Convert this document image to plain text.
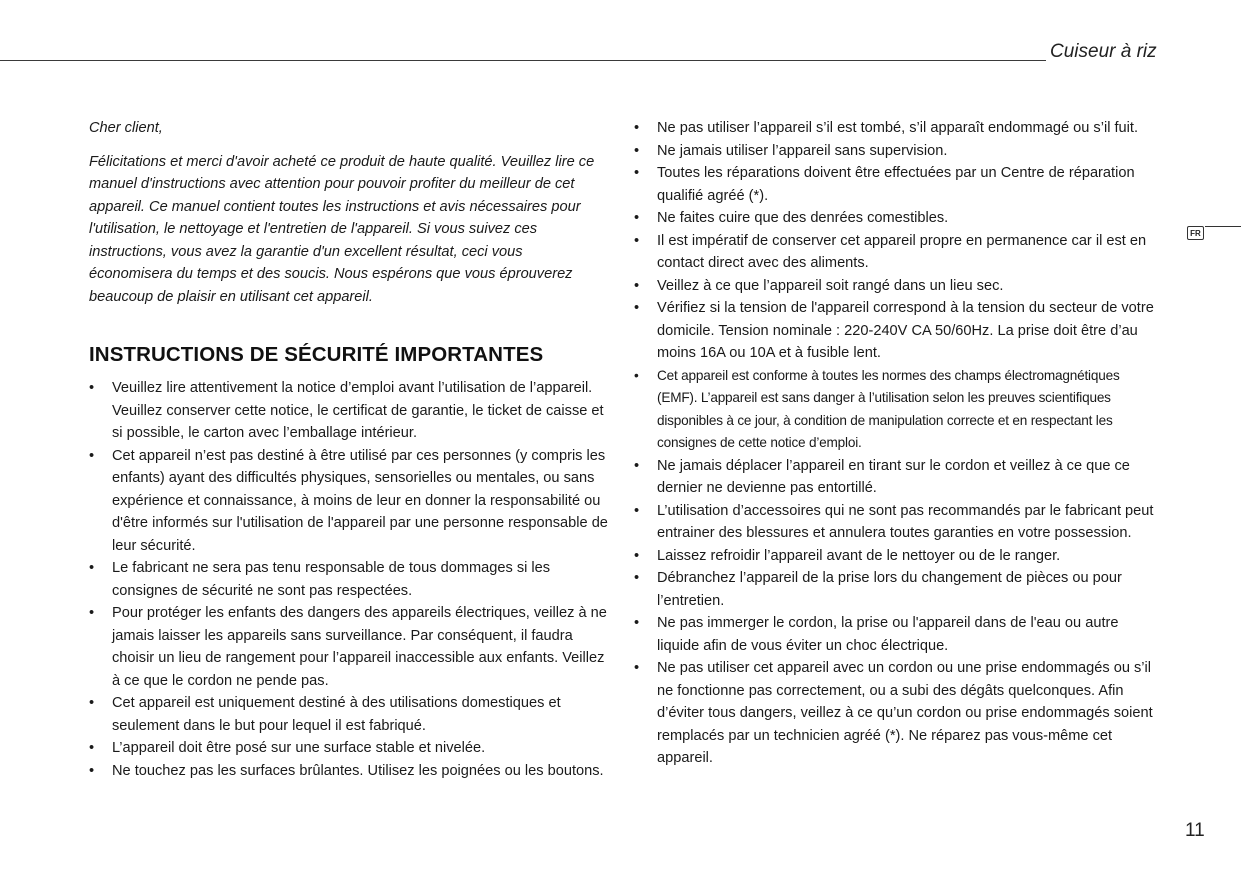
Cuiseur à riz
FR

Cher client,

Félicitations et merci d'avoir acheté ce produit de haute qualité. Veuillez lire ce manuel d'instructions avec attention pour pouvoir profiter du meilleur de cet appareil. Ce manuel contient toutes les instructions et avis nécessaires pour l'utilisation, le nettoyage et l'entretien de l'appareil. Si vous suivez ces instructions, vous avez la garantie d'un excellent résultat, ceci vous économisera du temps et des soucis. Nous espérons que vous éprouverez beaucoup de plaisir en utilisant cet appareil.

INSTRUCTIONS DE SÉCURITÉ IMPORTANTES
• Veuillez lire attentivement la notice d’emploi avant l’utilisation de l’appareil. Veuillez conserver cette notice, le certificat de garantie, le ticket de caisse et si possible, le carton avec l’emballage intérieur.
• Cet appareil n’est pas destiné à être utilisé par ces personnes (y compris les enfants) ayant des difficultés physiques, sensorielles ou mentales, ou sans expérience et connaissance, à moins de leur en donner la responsabilité ou d'être informés sur l'utilisation de l'appareil par une personne responsable de leur sécurité.
• Le fabricant ne sera pas tenu responsable de tous dommages si les consignes de sécurité ne sont pas respectées.
• Pour protéger les enfants des dangers des appareils électriques, veillez à ne jamais laisser les appareils sans surveillance. Par conséquent, il faudra choisir un lieu de rangement pour l’appareil inaccessible aux enfants. Veillez à ce que le cordon ne pende pas.
• Cet appareil est uniquement destiné à des utilisations domestiques et seulement dans le but pour lequel il est fabriqué.
• L’appareil doit être posé sur une surface stable et nivelée.
• Ne touchez pas les surfaces brûlantes. Utilisez les poignées ou les boutons.
• Ne pas utiliser l’appareil s’il est tombé, s’il apparaît endommagé ou s’il fuit.
• Ne jamais utiliser l’appareil sans supervision.
• Toutes les réparations doivent être effectuées par un Centre de réparation qualifié agréé (*).
• Ne faites cuire que des denrées comestibles.
• Il est impératif de conserver cet appareil propre en permanence car il est en contact direct avec des aliments.
• Veillez à ce que l’appareil soit rangé dans un lieu sec.
• Vérifiez si la tension de l'appareil correspond à la tension du secteur de votre domicile. Tension nominale : 220-240V CA 50/60Hz. La prise doit être d’au moins 16A ou 10A et à fusible lent.
• Cet appareil est conforme à toutes les normes des champs électromagnétiques (EMF). L’appareil est sans danger à l’utilisation selon les preuves scientifiques disponibles à ce jour, à condition de manipulation correcte et en respectant les consignes de cette notice d’emploi.
• Ne jamais déplacer l’appareil en tirant sur le cordon et veillez à ce que ce dernier ne devienne pas entortillé.
• L’utilisation d’accessoires qui ne sont pas recommandés par le fabricant peut entrainer des blessures et annulera toutes garanties en votre possession.
• Laissez refroidir l’appareil avant de le nettoyer ou de le ranger.
• Débranchez l’appareil de la prise lors du changement de pièces ou pour l’entretien.
• Ne pas immerger le cordon, la prise ou l'appareil dans de l'eau ou autre liquide afin de vous éviter un choc électrique.
• Ne pas utiliser cet appareil avec un cordon ou une prise endommagés ou s’il ne fonctionne pas correctement, ou a subi des dégâts quelconques. Afin d’éviter tous dangers, veillez à ce qu’un cordon ou prise endommagés soient remplacés par un technicien agréé (*). Ne réparez pas vous-même cet appareil.
11
